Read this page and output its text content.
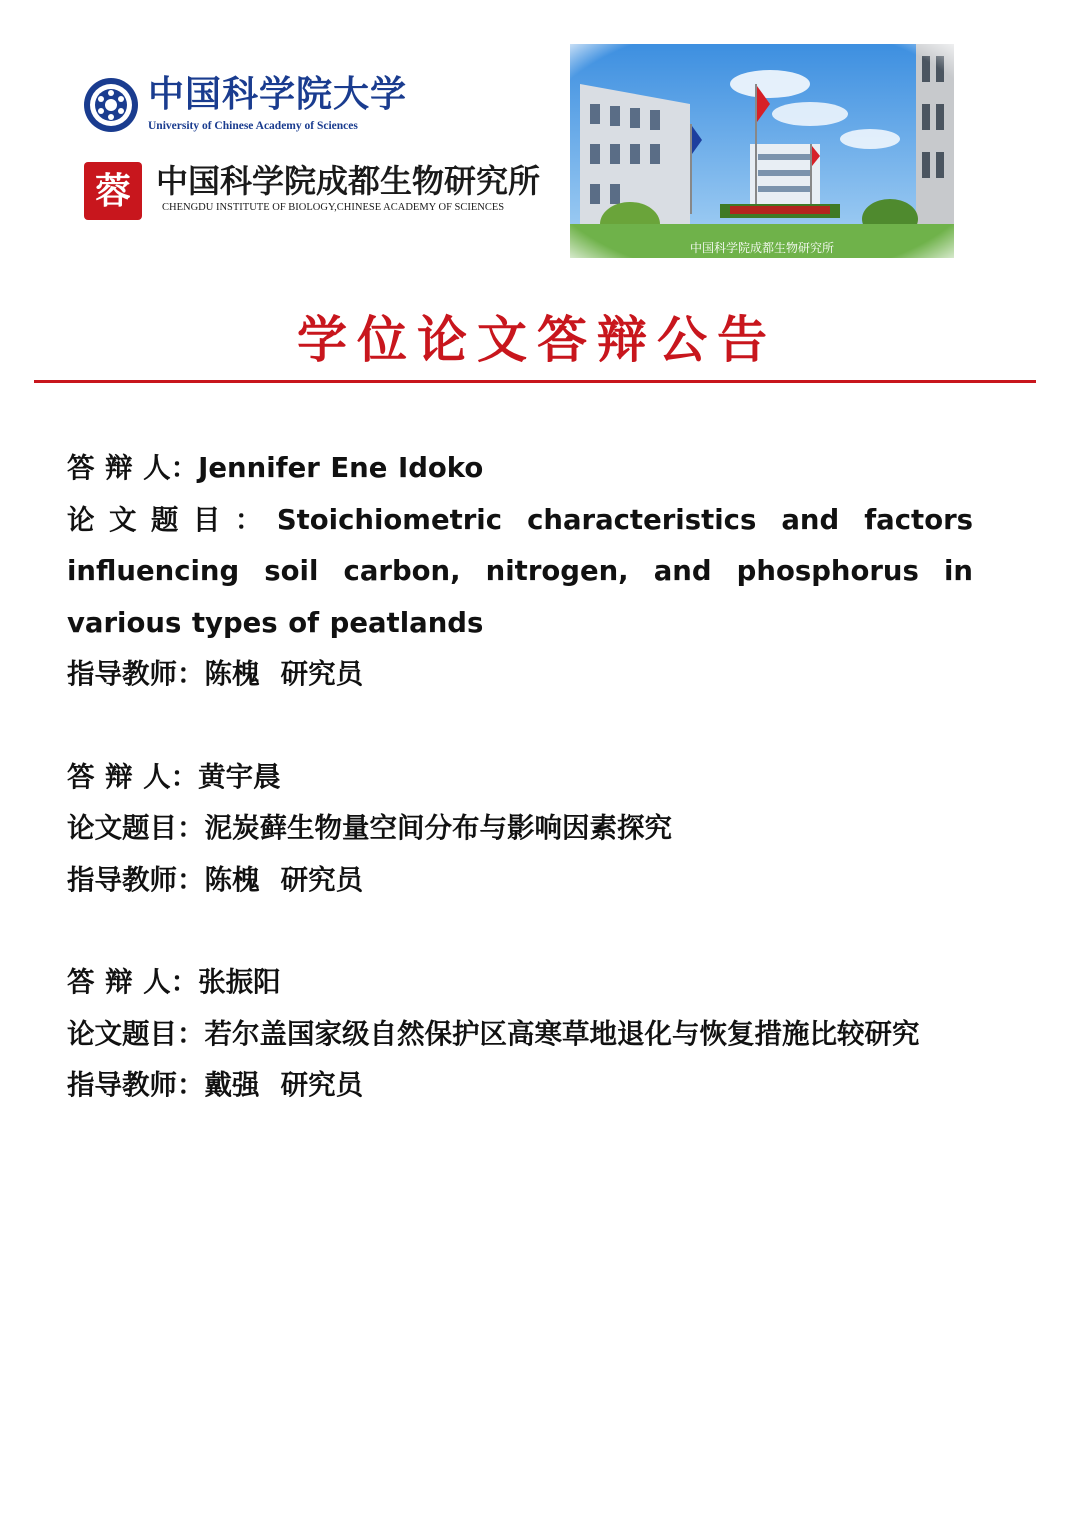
中国科学院大学
University of Chinese Academy of Sciences
蓉 中国科学院成都生物研究所
CHENGDU INSTITUTE OF BIOLOGY,CHINESE ACADEMY OF SCIENCES
中国科学院成都生物研究所
学位论文答辩公告
答 辩 人：Jennifer Ene Idoko
论文题目：Stoichiometric characteristics and factors influencing soil carbon, nitrogen, and phosphorus in various types of peatlands
指导教师：陈槐  研究员
答 辩 人：黄宇晨
论文题目：泥炭藓生物量空间分布与影响因素探究
指导教师：陈槐  研究员
答 辩 人：张振阳
论文题目：若尔盖国家级自然保护区高寒草地退化与恢复措施比较研究
指导教师：戴强  研究员
